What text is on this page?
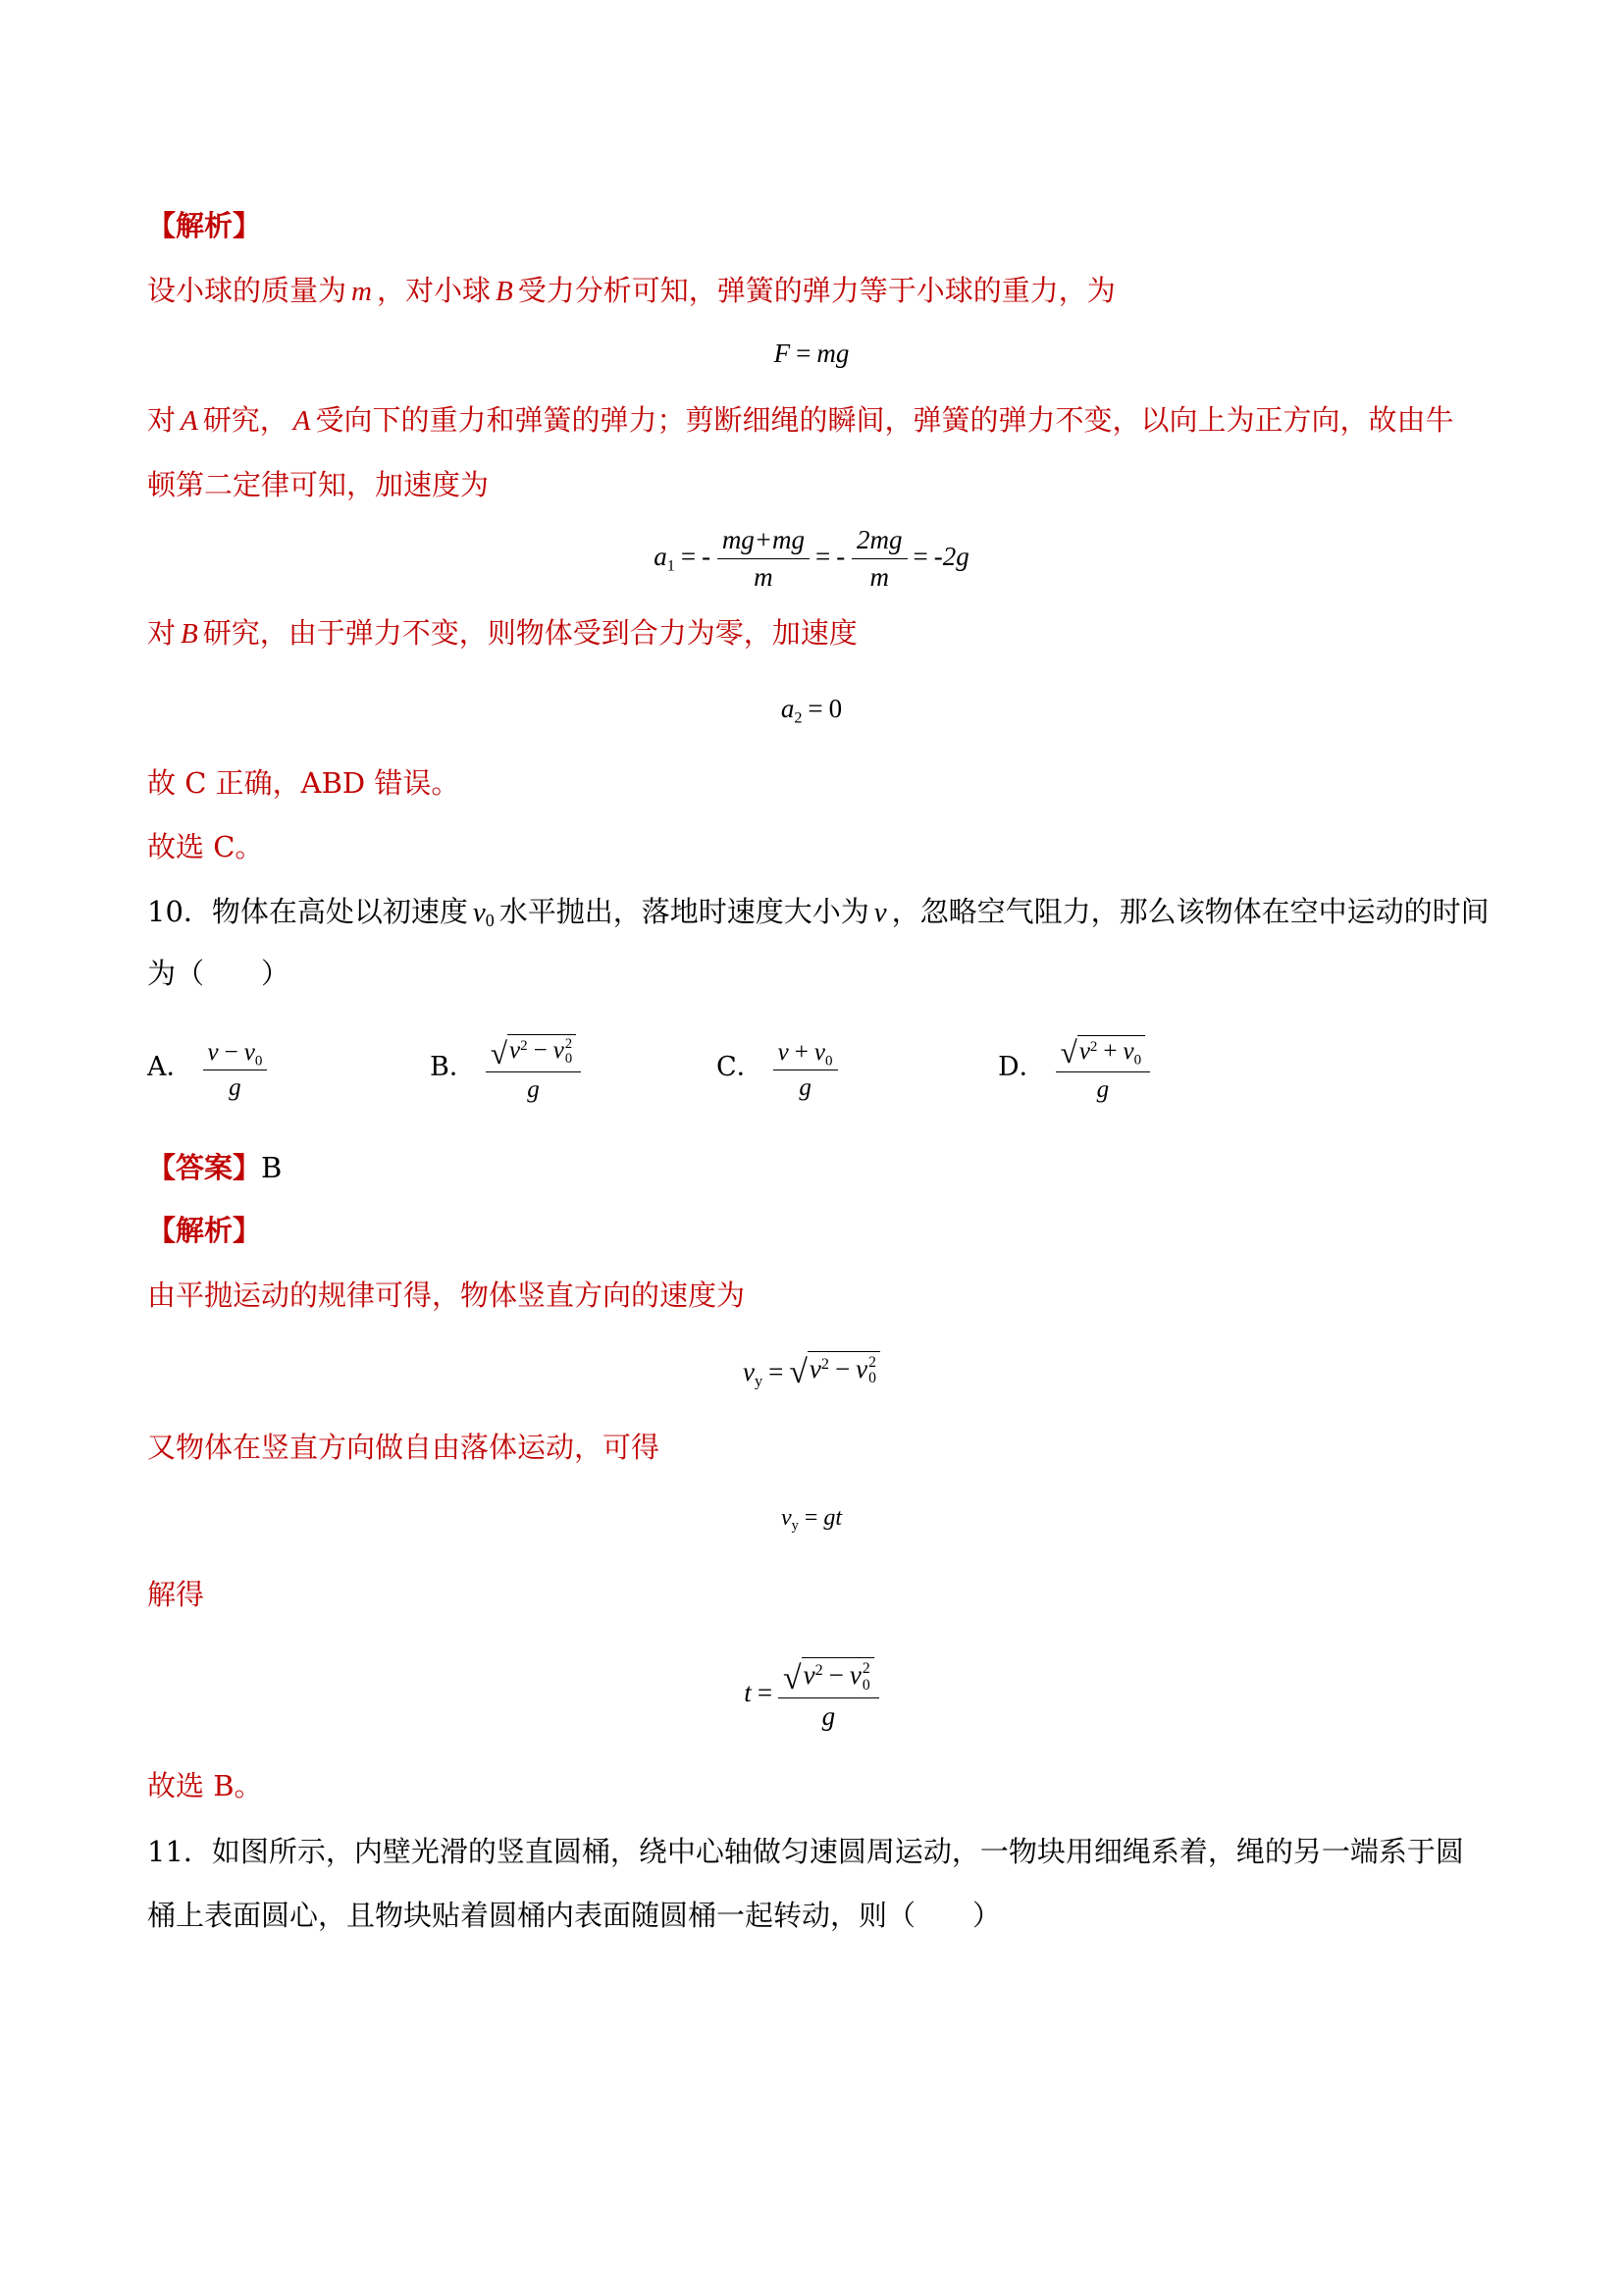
【解析】
设小球的质量为 m ，对小球 B 受力分析可知，弹簧的弹力等于小球的重力，为
F = mg
对 A 研究， A 受向下的重力和弹簧的弹力；剪断细绳的瞬间，弹簧的弹力不变，以向上为正方向，故由牛
顿第二定律可知，加速度为
$a_1$ = - $\frac{mg+mg}{m}$ = - $\frac{2mg}{m} = -2g$
对 B 研究，由于弹力不变，则物体受到合力为零，加速度
$a_2 = 0$
故 C 正确，ABD 错误。
故选 C。
10．物体在高处以初速度 v0 水平抛出，落地时速度大小为 v ，忽略空气阻力，那么该物体在空中运动的时间
为（　　）
A． $\frac{v - v_0}{g}$	B． √ $v^2 - v$ 2
0
g	C． $\frac{v + v_0}{g}$	D． $\frac{√ v^2 + v_0}{g}$
【答案】B
【解析】
由平抛运动的规律可得，物体竖直方向的速度为
$v_y$ = √ $v^2 - v$ 2
0
又物体在竖直方向做自由落体运动，可得
$v_y$ = gt
解得
t = √ $v^2 - v$ 2
0
g
故选 B。
11．如图所示，内壁光滑的竖直圆桶，绕中心轴做匀速圆周运动，一物块用细绳系着，绳的另一端系于圆
桶上表面圆心，且物块贴着圆桶内表面随圆桶一起转动，则（　　）
